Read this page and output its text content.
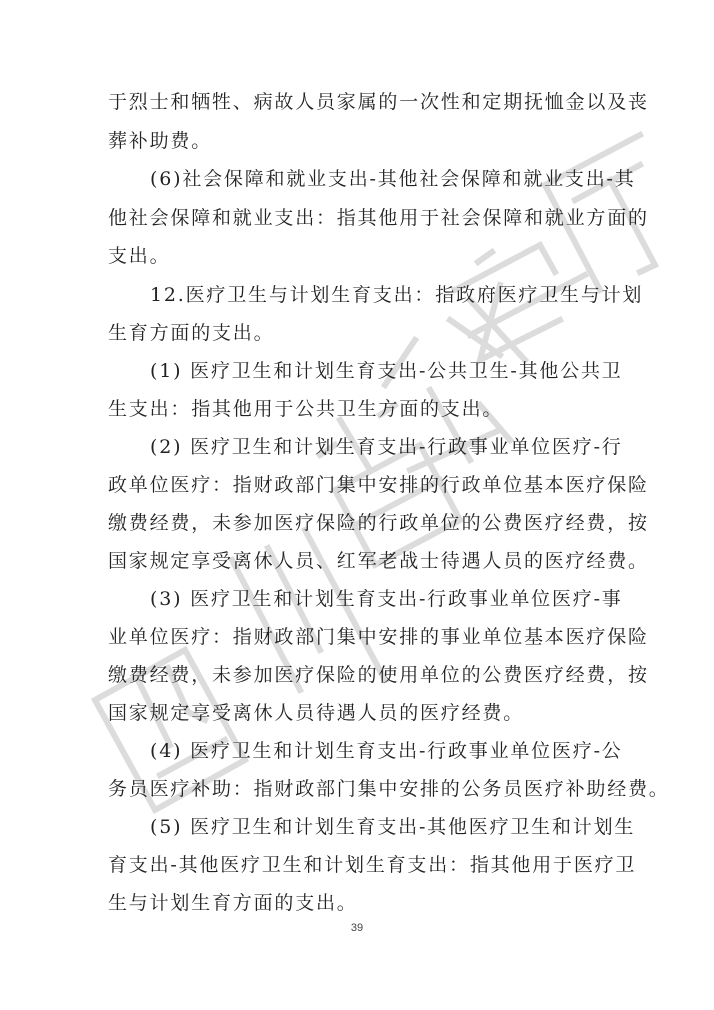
于烈士和牺牲、病故人员家属的一次性和定期抚恤金以及丧
葬补助费。
(6)社会保障和就业支出-其他社会保障和就业支出-其
他社会保障和就业支出：指其他用于社会保障和就业方面的
支出。
12.医疗卫生与计划生育支出：指政府医疗卫生与计划
生育方面的支出。
(1) 医疗卫生和计划生育支出-公共卫生-其他公共卫
生支出：指其他用于公共卫生方面的支出。
(2) 医疗卫生和计划生育支出-行政事业单位医疗-行
政单位医疗：指财政部门集中安排的行政单位基本医疗保险
缴费经费，未参加医疗保险的行政单位的公费医疗经费，按
国家规定享受离休人员、红军老战士待遇人员的医疗经费。
(3) 医疗卫生和计划生育支出-行政事业单位医疗-事
业单位医疗：指财政部门集中安排的事业单位基本医疗保险
缴费经费，未参加医疗保险的使用单位的公费医疗经费，按
国家规定享受离休人员待遇人员的医疗经费。
(4) 医疗卫生和计划生育支出-行政事业单位医疗-公
务员医疗补助：指财政部门集中安排的公务员医疗补助经费。
(5) 医疗卫生和计划生育支出-其他医疗卫生和计划生
育支出-其他医疗卫生和计划生育支出：指其他用于医疗卫
生与计划生育方面的支出。
39
